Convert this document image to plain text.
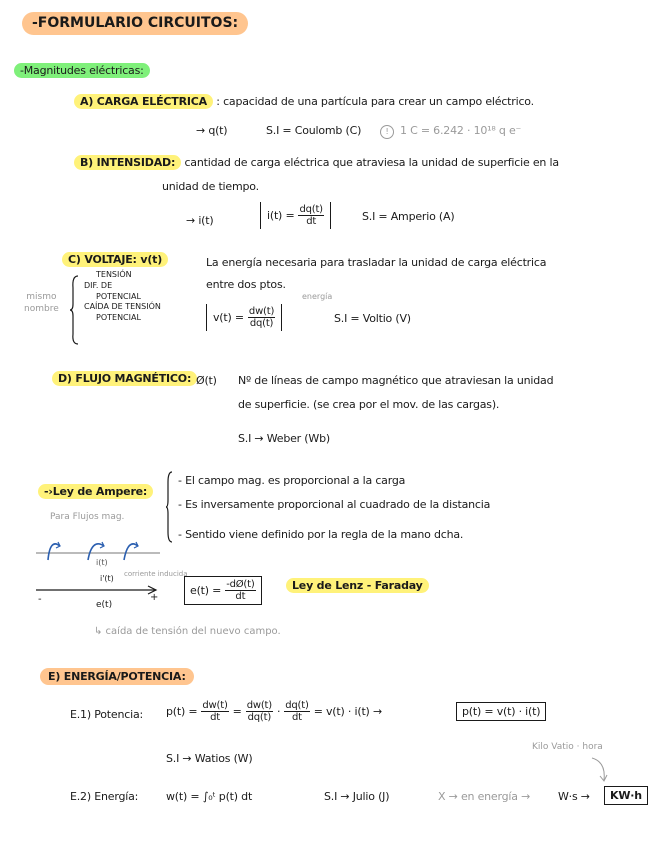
-FORMULARIO CIRCUITOS:
-Magnitudes eléctricas:
A) CARGA ELÉCTRICA : capacidad de una partícula para crear un campo eléctrico.
→ q(t)	S.I = Coulomb (C)	! 1 C = 6.242 · 10¹⁸ q e⁻
B) INTENSIDAD: cantidad de carga eléctrica que atraviesa la unidad de superficie en la
unidad de tiempo.
→ i(t)	$i(t) = \frac{dq(t)}{dt}$	S.I = Amperio (A)
C) VOLTAJE: v(t)	La energía necesaria para trasladar la unidad de carga eléctrica
entre dos ptos.
mismo
nombre
TENSIÓN
DIF. DE
POTENCIAL
CAÍDA DE TENSIÓN
POTENCIAL	$v(t) = \frac{dw(t)}{dq(t)}$
energía
S.I = Voltio (V)
D) FLUJO MAGNÉTICO: Ø(t) Nº de líneas de campo magnético que atraviesan la unidad
de superficie. (se crea por el mov. de las cargas).
S.I → Weber (Wb)
-›Ley de Ampere:
- El campo mag. es proporcional a la carga
- Es inversamente proporcional al cuadrado de la distancia
- Sentido viene definido por la regla de la mano dcha.
Para Flujos mag.
i(t)
i'(t) corriente inducida
-	+
e(t)
$e(t) = \frac{-dØ(t)}{dt}$	Ley de Lenz - Faraday
↳ caída de tensión del nuevo campo.
E) ENERGÍA/POTENCIA:
E.1) Potencia: $p(t) = \frac{dw(t)}{dt} = \frac{dw(t)}{dq(t)} \cdot \frac{dq(t)}{dt} = v(t) \cdot i(t)$ →	p(t) = v(t) · i(t)
S.I → Watios (W)
Kilo Vatio · hora
E.2) Energía:	w(t) = ∫₀ᵗ p(t) dt	S.I → Julio (J)	X → en energía →	W·s →	KW·h
